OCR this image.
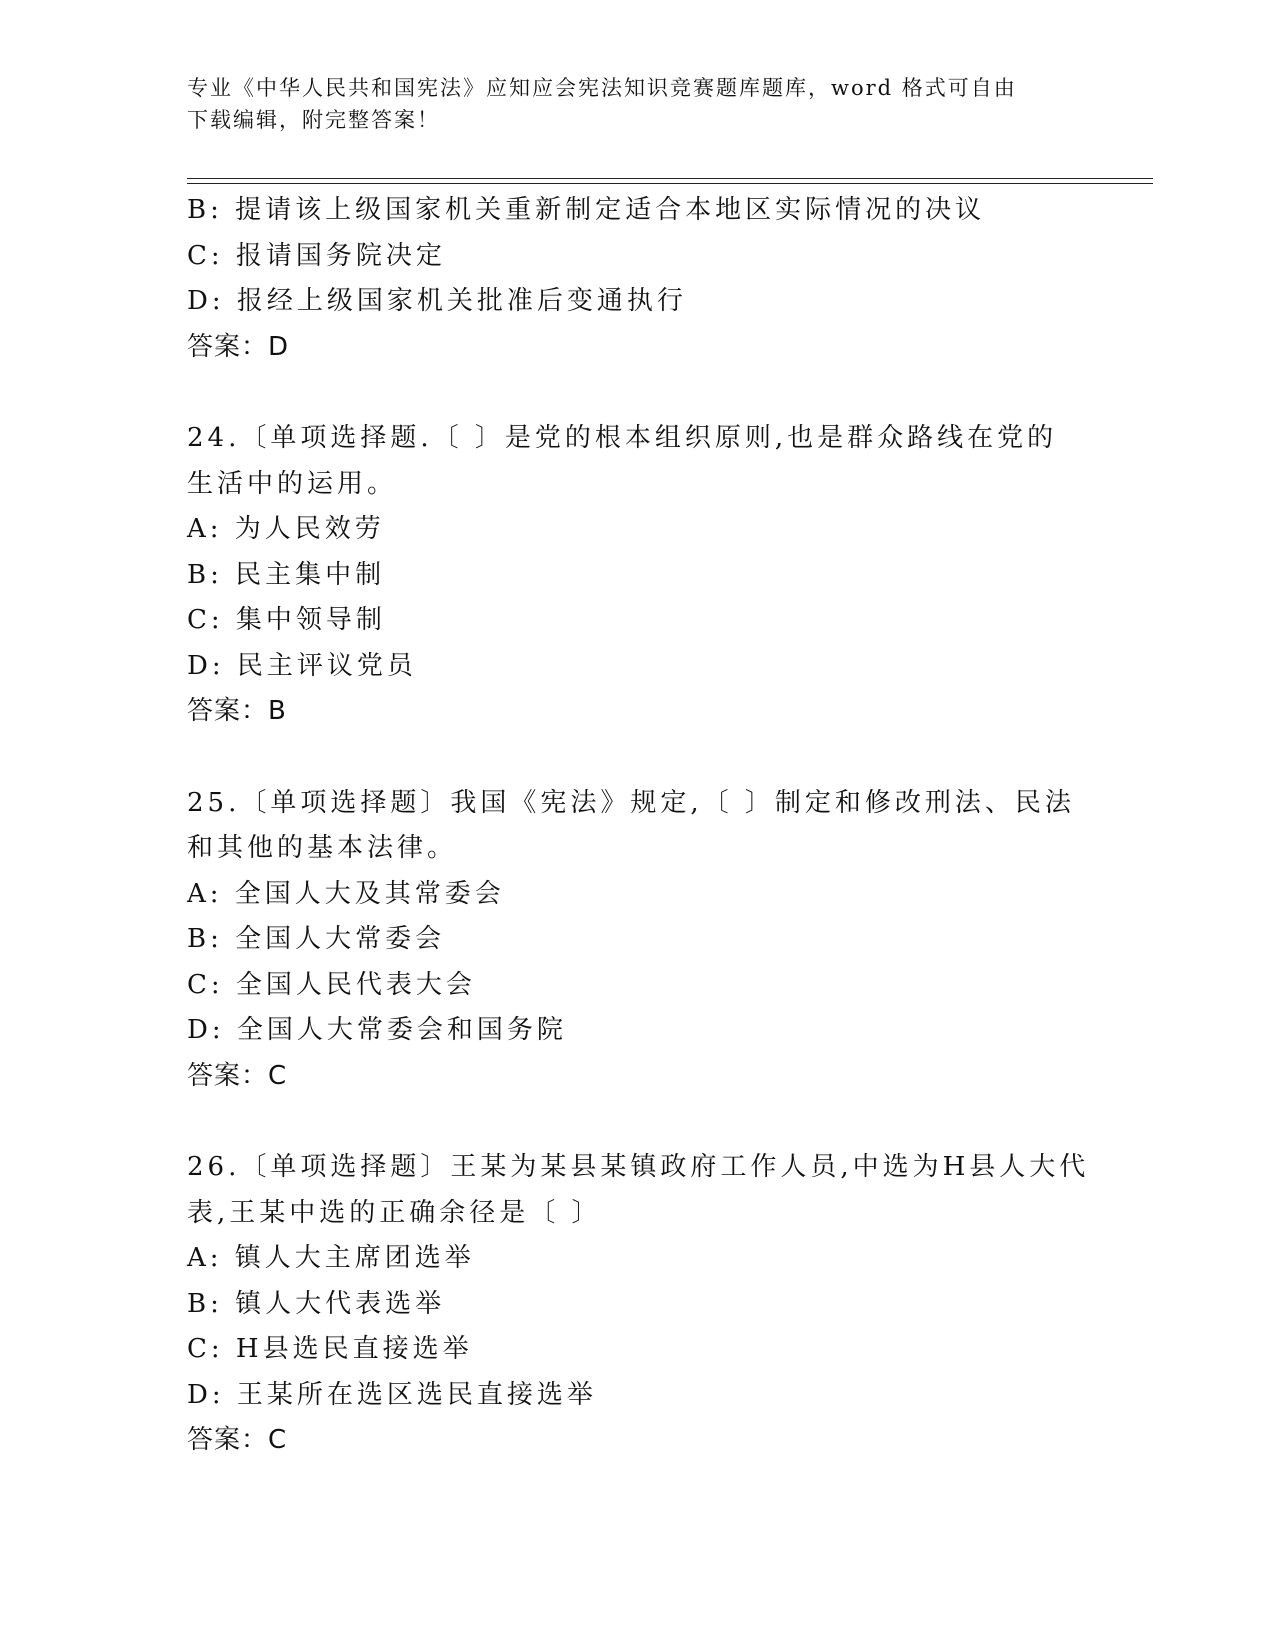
专业《中华人民共和国宪法》应知应会宪法知识竞赛题库题库，word 格式可自由
下载编辑，附完整答案！
B: 提请该上级国家机关重新制定适合本地区实际情况的决议
C: 报请国务院决定
D: 报经上级国家机关批准后变通执行
答案：D
24.〔单项选择题.〔 〕是党的根本组织原则,也是群众路线在党的
生活中的运用。
A: 为人民效劳
B: 民主集中制
C: 集中领导制
D: 民主评议党员
答案：B
25.〔单项选择题〕我国《宪法》规定,〔 〕制定和修改刑法、民法
和其他的基本法律。
A: 全国人大及其常委会
B: 全国人大常委会
C: 全国人民代表大会
D: 全国人大常委会和国务院
答案：C
26.〔单项选择题〕王某为某县某镇政府工作人员,中选为H县人大代
表,王某中选的正确余径是〔 〕
A: 镇人大主席团选举
B: 镇人大代表选举
C: H县选民直接选举
D: 王某所在选区选民直接选举
答案：C
